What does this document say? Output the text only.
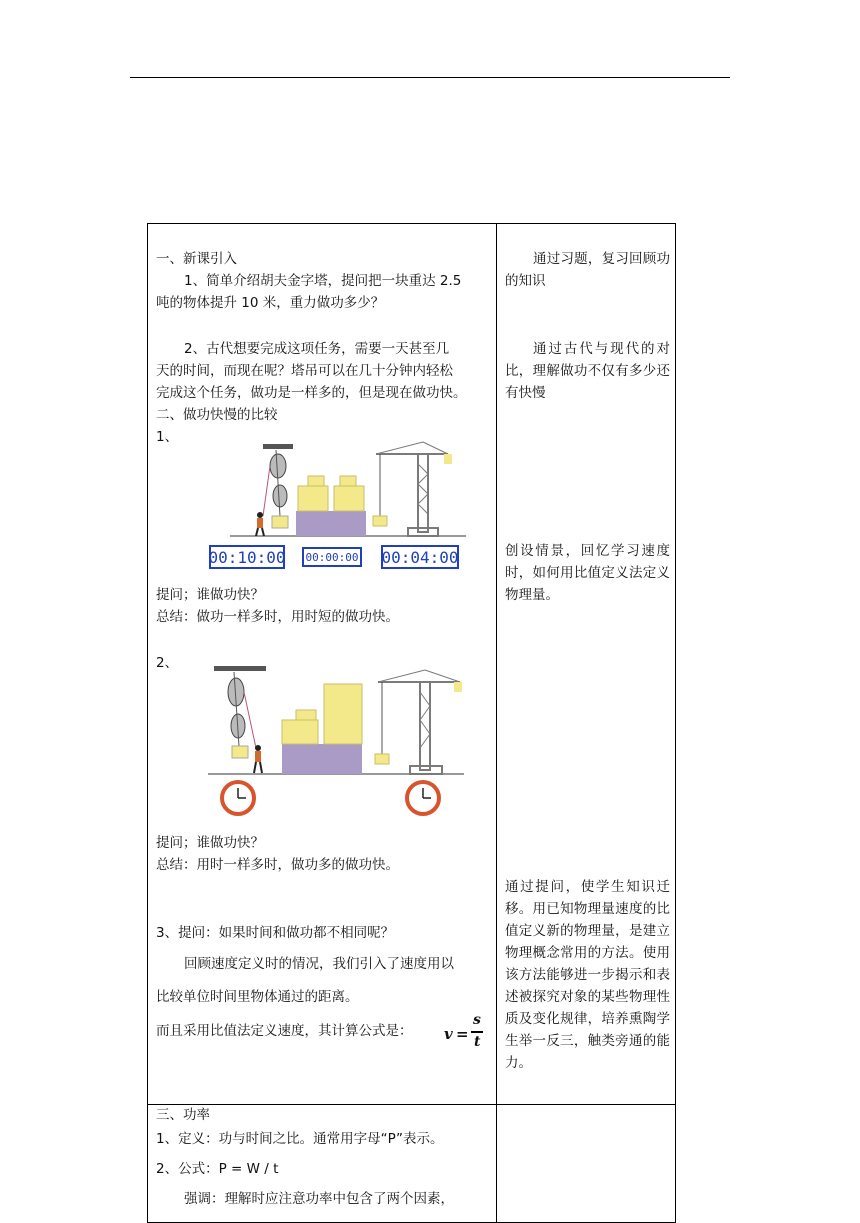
一、新课引入
1、简单介绍胡夫金字塔，提问把一块重达 2.5
吨的物体提升 10 米，重力做功多少？
2、古代想要完成这项任务，需要一天甚至几
天的时间，而现在呢？塔吊可以在几十分钟内轻松
完成这个任务，做功是一样多的，但是现在做功快。
二、做功快慢的比较
1、
00:10:00 00:00:00 00:04:00
提问；谁做功快？
总结：做功一样多时，用时短的做功快。
2、
提问；谁做功快？
总结：用时一样多时，做功多的做功快。
3、提问：如果时间和做功都不相同呢？
回顾速度定义时的情况，我们引入了速度用以
比较单位时间里物体通过的距离。
而且采用比值法定义速度，其计算公式是： v =
s
t
三、功率
1、定义：功与时间之比。通常用字母“P”表示。
2、公式：P = W / t
强调：理解时应注意功率中包含了两个因素，
通过习题，复习回顾功的知识
通过古代与现代的对比，理解做功不仅有多少还有快慢
创设情景，回忆学习速度时，如何用比值定义法定义物理量。
通过提问，使学生知识迁移。用已知物理量速度的比值定义新的物理量，是建立物理概念常用的方法。使用该方法能够进一步揭示和表述被探究对象的某些物理性质及变化规律，培养熏陶学生举一反三，触类旁通的能力。
